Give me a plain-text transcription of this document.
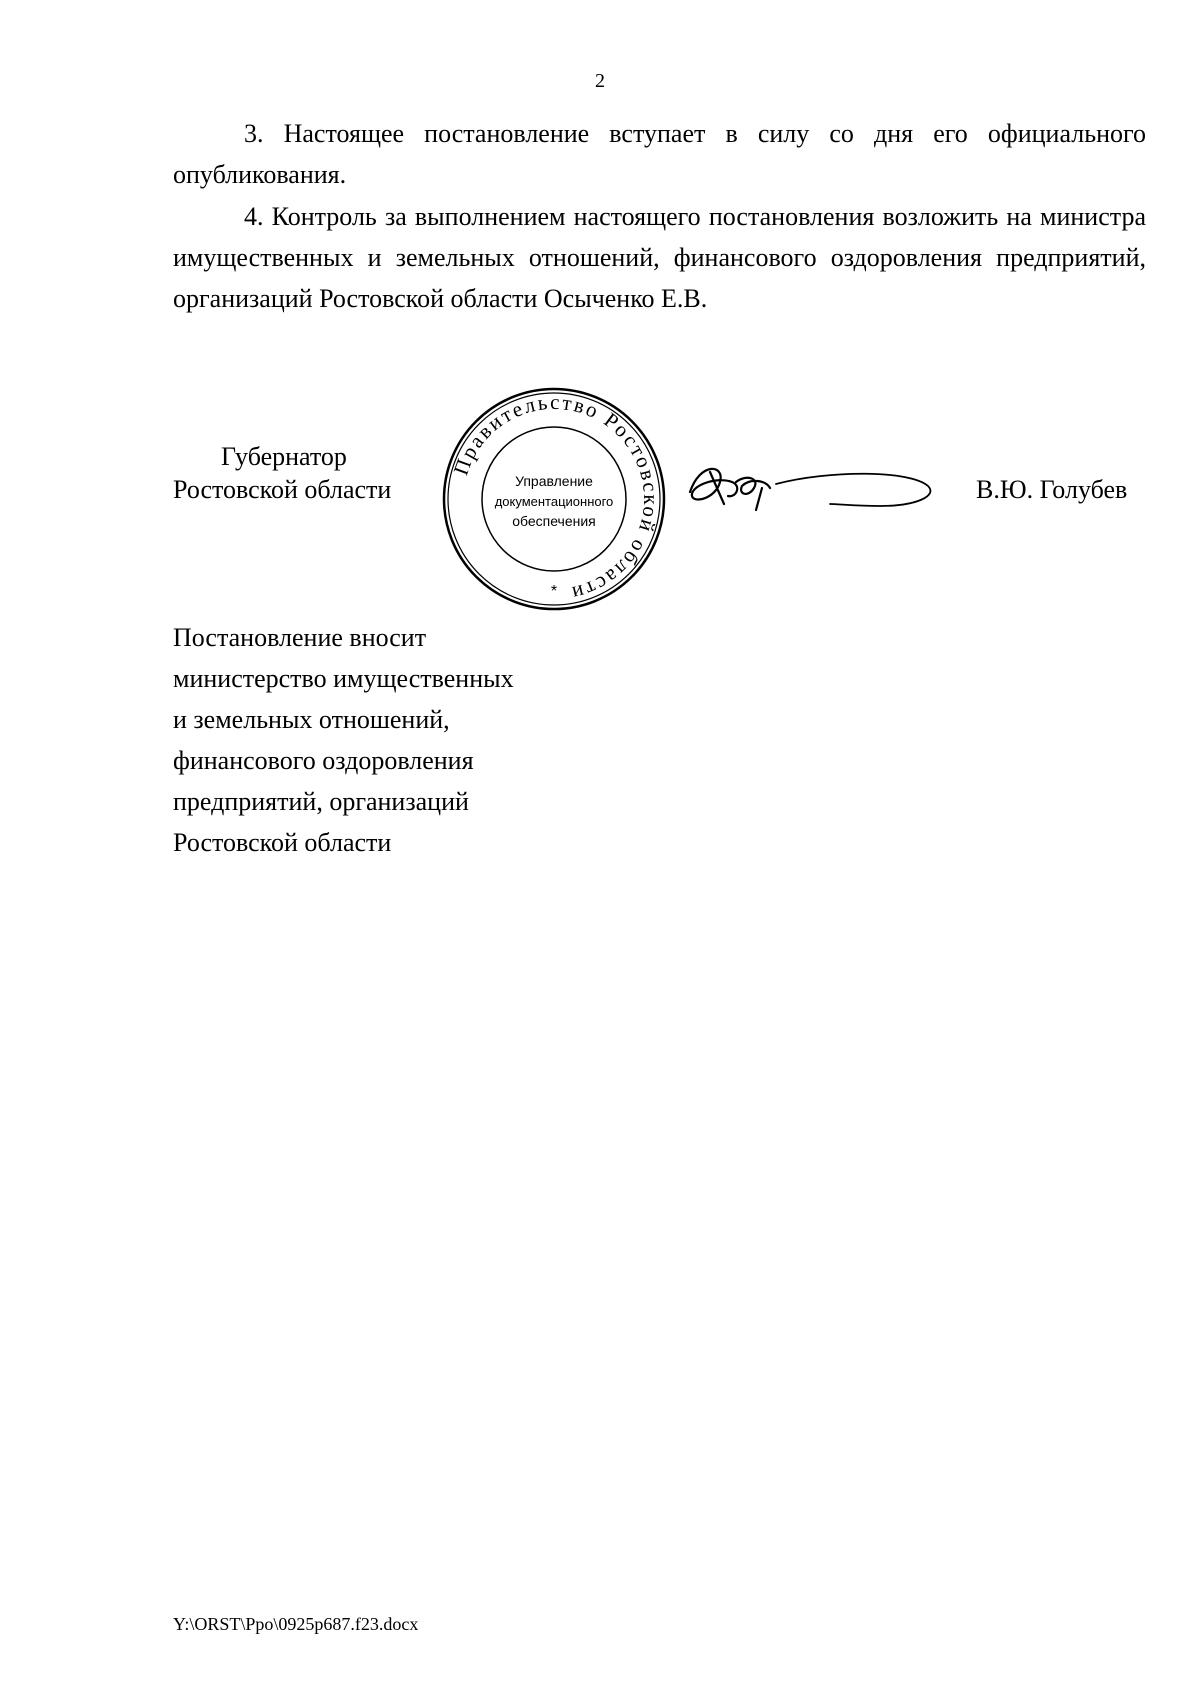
2

3. Настоящее постановление вступает в силу со дня его официального опубликования.

4. Контроль за выполнением настоящего постановления возложить на министра имущественных и земельных отношений, финансового оздоровления предприятий, организаций Ростовской области Осыченко Е.В.

Губернатор
Ростовской области
Правительство Ростовской области
Управление
документационного
обеспечения
*
В.Ю. Голубев
Постановление вносит
министерство имущественных
и земельных отношений,
финансового оздоровления
предприятий, организаций
Ростовской области
Y:\ORST\Ppo\0925p687.f23.docx
